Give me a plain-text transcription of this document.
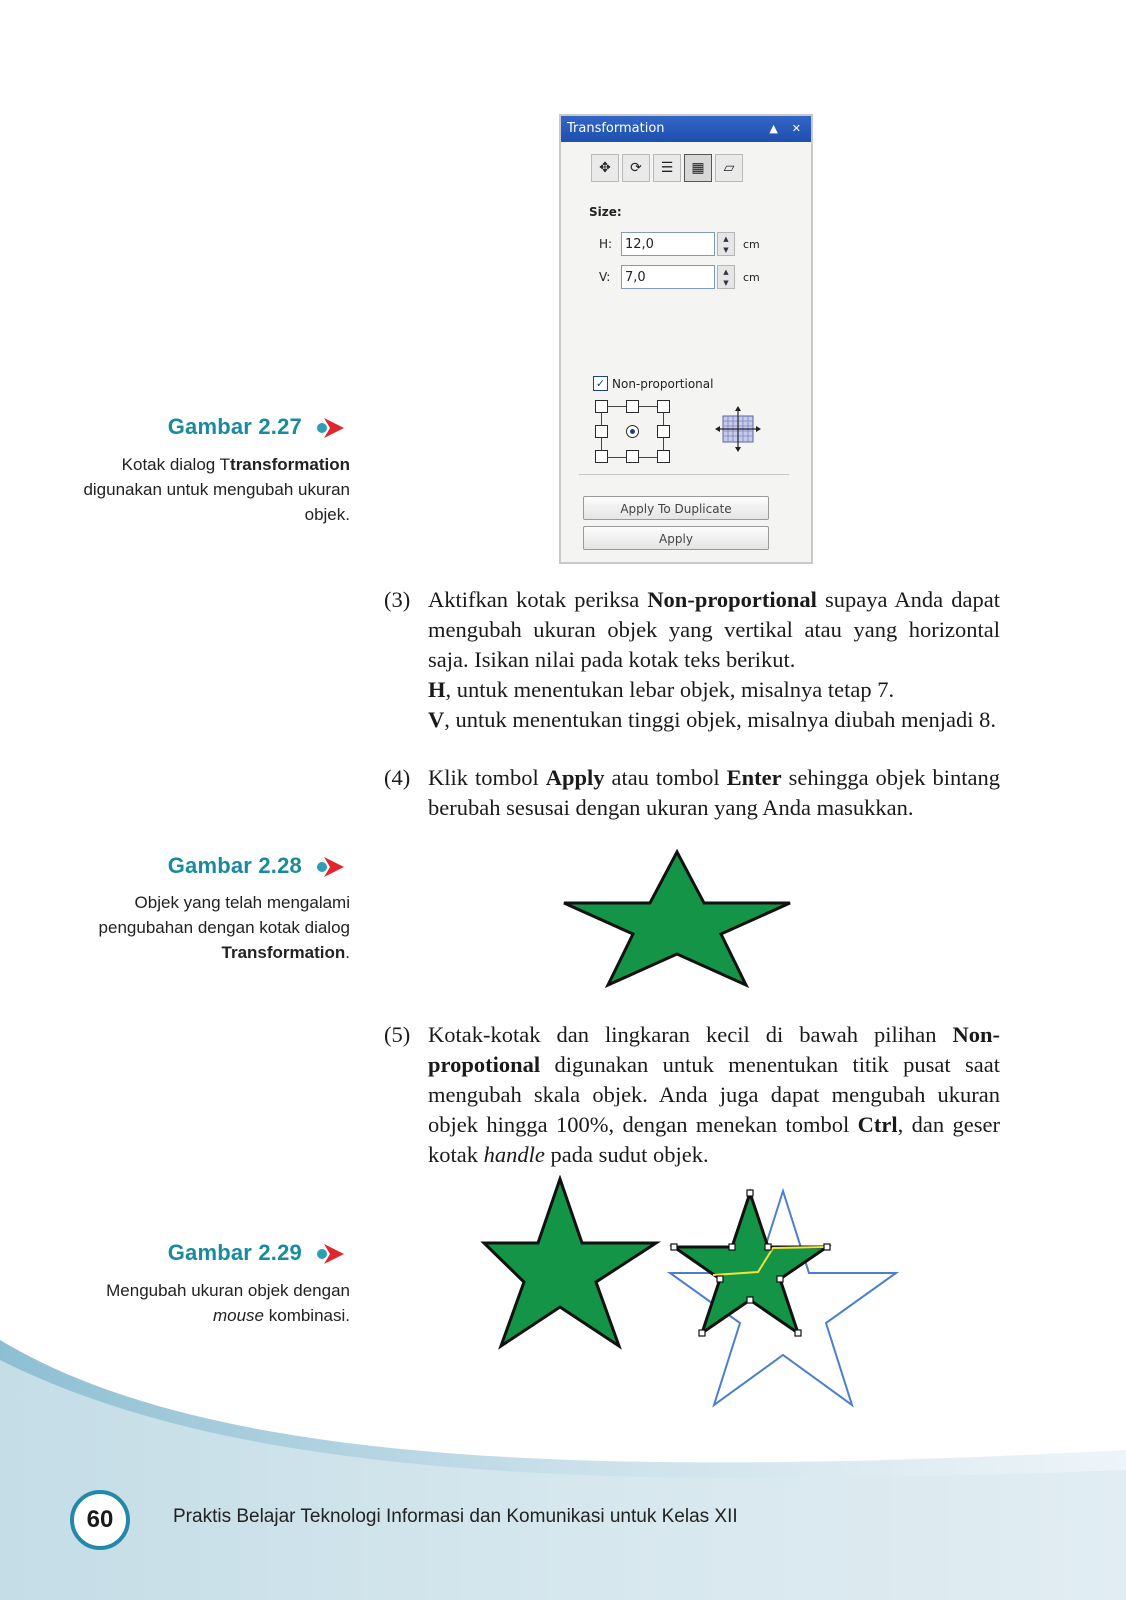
Gambar 2.27
Kotak dialog Ttransformation digunakan untuk mengubah ukuran objek.
Gambar 2.28
Objek yang telah mengalami pengubahan dengan kotak dialog Transformation.
Gambar 2.29
Mengubah ukuran objek dengan mouse kombinasi.
Transformation	▲ ✕
✥	⟳	☰	▦	▱
Size:
H: 12,0	▲
▼ cm
V:	7,0	▲
▼ cm
✓ Non-proportional
Apply To Duplicate
Apply
(3) Aktifkan kotak periksa Non-proportional supaya Anda dapat mengubah ukuran objek yang vertikal atau yang horizontal saja. Isikan nilai pada kotak teks berikut.
H, untuk menentukan lebar objek, misalnya tetap 7.
V, untuk menentukan tinggi objek, misalnya diubah menjadi 8.
(4) Klik tombol Apply atau tombol Enter sehingga objek bintang berubah sesusai dengan ukuran yang Anda masukkan.
(5) Kotak-kotak dan lingkaran kecil di bawah pilihan Non-propotional digunakan untuk menentukan titik pusat saat mengubah skala objek. Anda juga dapat mengubah ukuran objek hingga 100%, dengan menekan tombol Ctrl, dan geser kotak handle pada sudut objek.
60	Praktis Belajar Teknologi Informasi dan Komunikasi untuk Kelas XII
